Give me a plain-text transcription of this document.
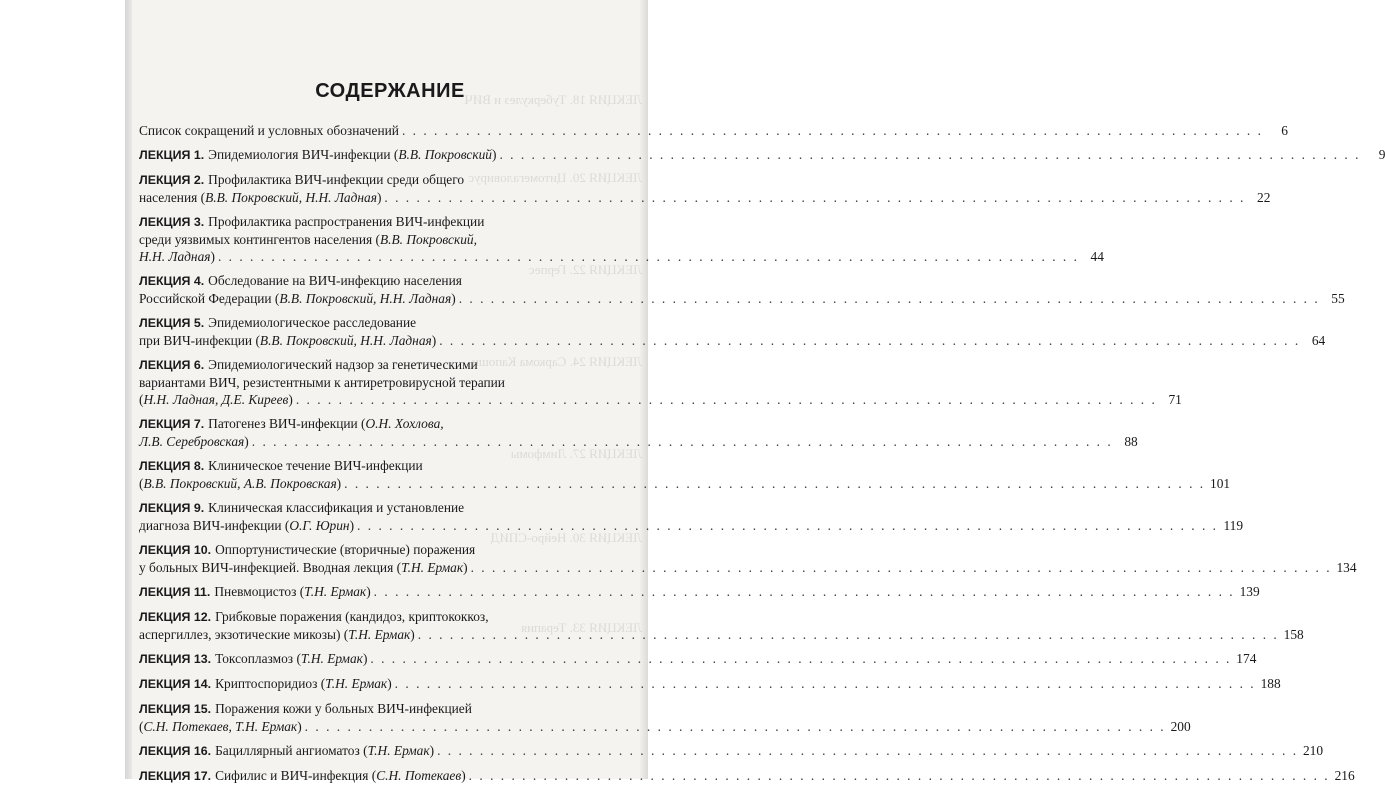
ЛЕКЦИЯ 18. Туберкулез и ВИЧ
ЛЕКЦИЯ 20. Цитомегаловирус
ЛЕКЦИЯ 22. Герпес
ЛЕКЦИЯ 24. Саркома Капоши
ЛЕКЦИЯ 27. Лимфомы
ЛЕКЦИЯ 30. Нейро-СПИД
ЛЕКЦИЯ 33. Терапия
СОДЕРЖАНИЕ
Список сокращений и условных обозначений . . .	6
ЛЕКЦИЯ 1. Эпидемиология ВИЧ-инфекции (В.В. Покровский) . . .	9
ЛЕКЦИЯ 2. Профилактика ВИЧ-инфекции среди общего
населения (В.В. Покровский, Н.Н. Ладная) . . .	22
ЛЕКЦИЯ 3. Профилактика распространения ВИЧ-инфекции
среди уязвимых контингентов населения (В.В. Покровский,
Н.Н. Ладная) . . .	44
ЛЕКЦИЯ 4. Обследование на ВИЧ-инфекцию населения
Российской Федерации (В.В. Покровский, Н.Н. Ладная) . . .	55
ЛЕКЦИЯ 5. Эпидемиологическое расследование
при ВИЧ-инфекции (В.В. Покровский, Н.Н. Ладная) . . .	64
ЛЕКЦИЯ 6. Эпидемиологический надзор за генетическими
вариантами ВИЧ, резистентными к антиретровирусной терапии
(Н.Н. Ладная, Д.Е. Киреев) . . .	71
ЛЕКЦИЯ 7. Патогенез ВИЧ-инфекции (О.Н. Хохлова,
Л.В. Серебровская) . . .	88
ЛЕКЦИЯ 8. Клиническое течение ВИЧ-инфекции
(В.В. Покровский, А.В. Покровская) . . .	101
ЛЕКЦИЯ 9. Клиническая классификация и установление
диагноза ВИЧ-инфекции (О.Г. Юрин) . . .	119
ЛЕКЦИЯ 10. Оппортунистические (вторичные) поражения
у больных ВИЧ-инфекцией. Вводная лекция (Т.Н. Ермак) . . .	134
ЛЕКЦИЯ 11. Пневмоцистоз (Т.Н. Ермак) . . .	139
ЛЕКЦИЯ 12. Грибковые поражения (кандидоз, криптококкоз,
аспергиллез, экзотические микозы) (Т.Н. Ермак) . . .	158
ЛЕКЦИЯ 13. Токсоплазмоз (Т.Н. Ермак) . . .	174
ЛЕКЦИЯ 14. Криптоспоридиоз (Т.Н. Ермак) . . .	188
ЛЕКЦИЯ 15. Поражения кожи у больных ВИЧ-инфекцией
(С.Н. Потекаев, Т.Н. Ермак) . . .	200
ЛЕКЦИЯ 16. Бациллярный ангиоматоз (Т.Н. Ермак) . . .	210
ЛЕКЦИЯ 17. Сифилис и ВИЧ-инфекция (С.Н. Потекаев) . . .	216
